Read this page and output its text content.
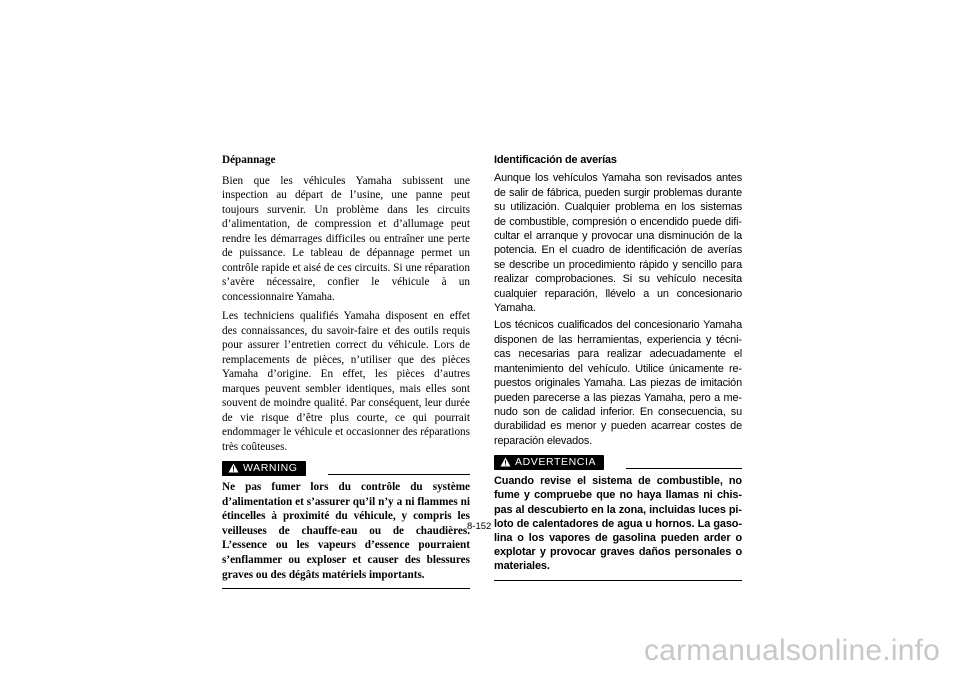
Dépannage

Bien que les véhicules Yamaha subissent une inspection au départ de l’usine, une panne peut toujours survenir. Un problème dans les circuits d’alimentation, de compression et d’allumage peut rendre les démarrages difficiles ou entraîner une perte de puissance. Le tableau de dépannage permet un contrôle rapide et aisé de ces circuits. Si une réparation s’avère nécessaire, confier le véhicule à un concessionnaire Yamaha.

Les techniciens qualifiés Yamaha disposent en effet des connaissances, du savoir-faire et des outils requis pour assurer l’entretien correct du véhicule. Lors de remplacements de pièces, n’utiliser que des pièces Yamaha d’origine. En effet, les pièces d’autres marques peuvent sembler identiques, mais elles sont souvent de moindre qualité. Par conséquent, leur durée de vie risque d’être plus courte, ce qui pourrait endommager le véhicule et occasionner des réparations très coûteuses.

WARNING
Ne pas fumer lors du contrôle du système d’alimentation et s’assurer qu’il n’y a ni flammes ni étincelles à proximité du véhicule, y compris les veilleuses de chauffe-eau ou de chaudières. L’essence ou les vapeurs d’essence pourraient s’enflammer ou exploser et causer des blessures graves ou des dégâts matériels importants.
Identificación de averías

Aunque los vehículos Yamaha son revisados antes de salir de fábrica, pueden surgir problemas durante su utilización. Cualquier problema en los sistemas de combustible, compresión o encendido puede dificultar el arranque y provocar una disminución de la potencia. En el cuadro de identificación de averías se describe un procedimiento rápido y sencillo para realizar comprobaciones. Si su vehículo necesita cualquier reparación, llévelo a un concesionario Yamaha.

Los técnicos cualificados del concesionario Yamaha disponen de las herramientas, experiencia y técnicas necesarias para realizar adecuadamente el mantenimiento del vehículo. Utilice únicamente repuestos originales Yamaha. Las piezas de imitación pueden parecerse a las piezas Yamaha, pero a menudo son de calidad inferior. En consecuencia, su durabilidad es menor y pueden acarrear costes de reparación elevados.

ADVERTENCIA
Cuando revise el sistema de combustible, no fume y compruebe que no haya llamas ni chispas al descubierto en la zona, incluidas luces piloto de calentadores de agua u hornos. La gasolina o los vapores de gasolina pueden arder o explotar y provocar graves daños personales o materiales.
8-152
carmanualsonline.info
